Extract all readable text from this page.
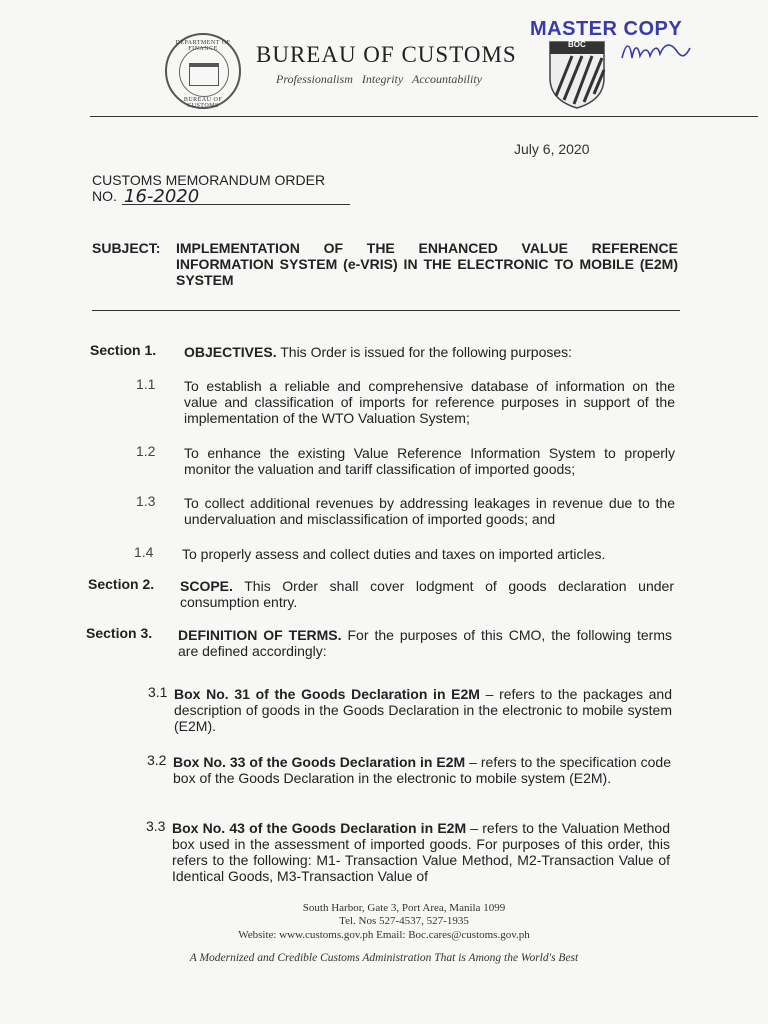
DEPARTMENT OF FINANCE
BUREAU OF CUSTOMS
BUREAU OF CUSTOMS
Professionalism Integrity Accountability
BOC
MASTER COPY
July 6, 2020
CUSTOMS MEMORANDUM ORDER
NO. 16-2020
SUBJECT: IMPLEMENTATION OF THE ENHANCED VALUE REFERENCE INFORMATION SYSTEM (e-VRIS) IN THE ELECTRONIC TO MOBILE (E2M) SYSTEM
Section 1. OBJECTIVES. This Order is issued for the following purposes:
1.1 To establish a reliable and comprehensive database of information on the value and classification of imports for reference purposes in support of the implementation of the WTO Valuation System;
1.2 To enhance the existing Value Reference Information System to properly monitor the valuation and tariff classification of imported goods;
1.3 To collect additional revenues by addressing leakages in revenue due to the undervaluation and misclassification of imported goods; and
1.4 To properly assess and collect duties and taxes on imported articles.
Section 2. SCOPE. This Order shall cover lodgment of goods declaration under consumption entry.
Section 3. DEFINITION OF TERMS. For the purposes of this CMO, the following terms are defined accordingly:
3.1 Box No. 31 of the Goods Declaration in E2M – refers to the packages and description of goods in the Goods Declaration in the electronic to mobile system (E2M).
3.2 Box No. 33 of the Goods Declaration in E2M – refers to the specification code box of the Goods Declaration in the electronic to mobile system (E2M).
3.3 Box No. 43 of the Goods Declaration in E2M – refers to the Valuation Method box used in the assessment of imported goods. For purposes of this order, this refers to the following: M1- Transaction Value Method, M2-Transaction Value of Identical Goods, M3-Transaction Value of
South Harbor, Gate 3, Port Area, Manila 1099
Tel. Nos 527-4537, 527-1935
Website: www.customs.gov.ph Email: Boc.cares@customs.gov.ph
A Modernized and Credible Customs Administration That is Among the World's Best
